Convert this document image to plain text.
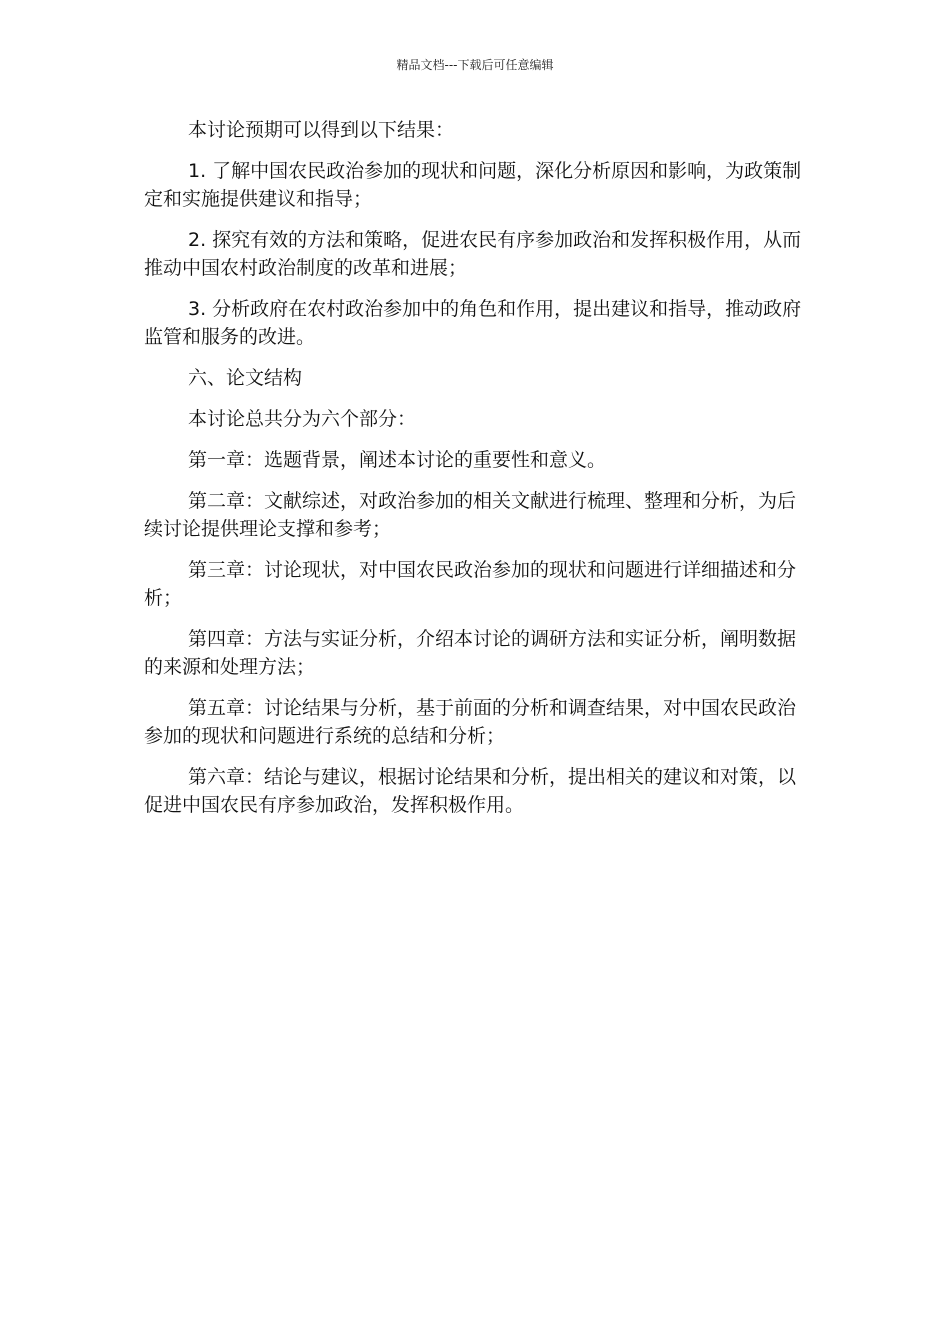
精品文档---下载后可任意编辑

本讨论预期可以得到以下结果：

1. 了解中国农民政治参加的现状和问题，深化分析原因和影响，为政策制定和实施提供建议和指导；

2. 探究有效的方法和策略，促进农民有序参加政治和发挥积极作用，从而推动中国农村政治制度的改革和进展；

3. 分析政府在农村政治参加中的角色和作用，提出建议和指导，推动政府监管和服务的改进。

六、论文结构

本讨论总共分为六个部分：

第一章：选题背景，阐述本讨论的重要性和意义。

第二章：文献综述，对政治参加的相关文献进行梳理、整理和分析，为后续讨论提供理论支撑和参考；

第三章：讨论现状，对中国农民政治参加的现状和问题进行详细描述和分析；

第四章：方法与实证分析，介绍本讨论的调研方法和实证分析，阐明数据的来源和处理方法；

第五章：讨论结果与分析，基于前面的分析和调查结果，对中国农民政治参加的现状和问题进行系统的总结和分析；

第六章：结论与建议，根据讨论结果和分析，提出相关的建议和对策，以促进中国农民有序参加政治，发挥积极作用。
